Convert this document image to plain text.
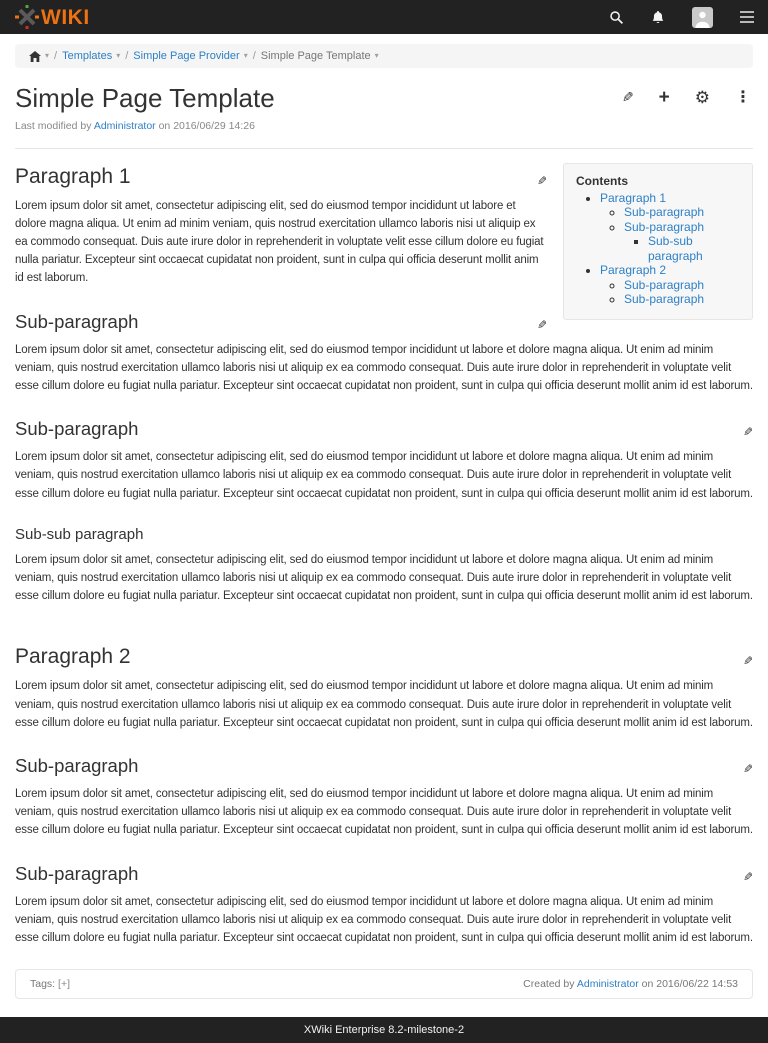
WIKI
▾ / Templates ▾ / Simple Page Provider ▾ / Simple Page Template ▾
Simple Page Template	✎ + ⚙ ⋮
Last modified by Administrator on 2016/06/29 14:26
Contents
• Paragraph 1
◦ Sub-paragraph
◦ Sub-paragraph
▪ Sub-sub paragraph
• Paragraph 2
◦ Sub-paragraph
◦ Sub-paragraph
✎
Paragraph 1

Lorem ipsum dolor sit amet, consectetur adipiscing elit, sed do eiusmod tempor incididunt ut labore et dolore magna aliqua. Ut enim ad minim veniam, quis nostrud exercitation ullamco laboris nisi ut aliquip ex ea commodo consequat. Duis aute irure dolor in reprehenderit in voluptate velit esse cillum dolore eu fugiat nulla pariatur. Excepteur sint occaecat cupidatat non proident, sunt in culpa qui officia deserunt mollit anim id est laborum.

✎
Sub-paragraph

Lorem ipsum dolor sit amet, consectetur adipiscing elit, sed do eiusmod tempor incididunt ut labore et dolore magna aliqua. Ut enim ad minim veniam, quis nostrud exercitation ullamco laboris nisi ut aliquip ex ea commodo consequat. Duis aute irure dolor in reprehenderit in voluptate velit esse cillum dolore eu fugiat nulla pariatur. Excepteur sint occaecat cupidatat non proident, sunt in culpa qui officia deserunt mollit anim id est laborum.

✎
Sub-paragraph

Lorem ipsum dolor sit amet, consectetur adipiscing elit, sed do eiusmod tempor incididunt ut labore et dolore magna aliqua. Ut enim ad minim veniam, quis nostrud exercitation ullamco laboris nisi ut aliquip ex ea commodo consequat. Duis aute irure dolor in reprehenderit in voluptate velit esse cillum dolore eu fugiat nulla pariatur. Excepteur sint occaecat cupidatat non proident, sunt in culpa qui officia deserunt mollit anim id est laborum.

Sub-sub paragraph

Lorem ipsum dolor sit amet, consectetur adipiscing elit, sed do eiusmod tempor incididunt ut labore et dolore magna aliqua. Ut enim ad minim veniam, quis nostrud exercitation ullamco laboris nisi ut aliquip ex ea commodo consequat. Duis aute irure dolor in reprehenderit in voluptate velit esse cillum dolore eu fugiat nulla pariatur. Excepteur sint occaecat cupidatat non proident, sunt in culpa qui officia deserunt mollit anim id est laborum.

✎
Paragraph 2

Lorem ipsum dolor sit amet, consectetur adipiscing elit, sed do eiusmod tempor incididunt ut labore et dolore magna aliqua. Ut enim ad minim veniam, quis nostrud exercitation ullamco laboris nisi ut aliquip ex ea commodo consequat. Duis aute irure dolor in reprehenderit in voluptate velit esse cillum dolore eu fugiat nulla pariatur. Excepteur sint occaecat cupidatat non proident, sunt in culpa qui officia deserunt mollit anim id est laborum.

✎
Sub-paragraph

Lorem ipsum dolor sit amet, consectetur adipiscing elit, sed do eiusmod tempor incididunt ut labore et dolore magna aliqua. Ut enim ad minim veniam, quis nostrud exercitation ullamco laboris nisi ut aliquip ex ea commodo consequat. Duis aute irure dolor in reprehenderit in voluptate velit esse cillum dolore eu fugiat nulla pariatur. Excepteur sint occaecat cupidatat non proident, sunt in culpa qui officia deserunt mollit anim id est laborum.

✎
Sub-paragraph

Lorem ipsum dolor sit amet, consectetur adipiscing elit, sed do eiusmod tempor incididunt ut labore et dolore magna aliqua. Ut enim ad minim veniam, quis nostrud exercitation ullamco laboris nisi ut aliquip ex ea commodo consequat. Duis aute irure dolor in reprehenderit in voluptate velit esse cillum dolore eu fugiat nulla pariatur. Excepteur sint occaecat cupidatat non proident, sunt in culpa qui officia deserunt mollit anim id est laborum.

Tags: [+]	Created by Administrator on 2016/06/22 14:53
XWiki Enterprise 8.2-milestone-2
